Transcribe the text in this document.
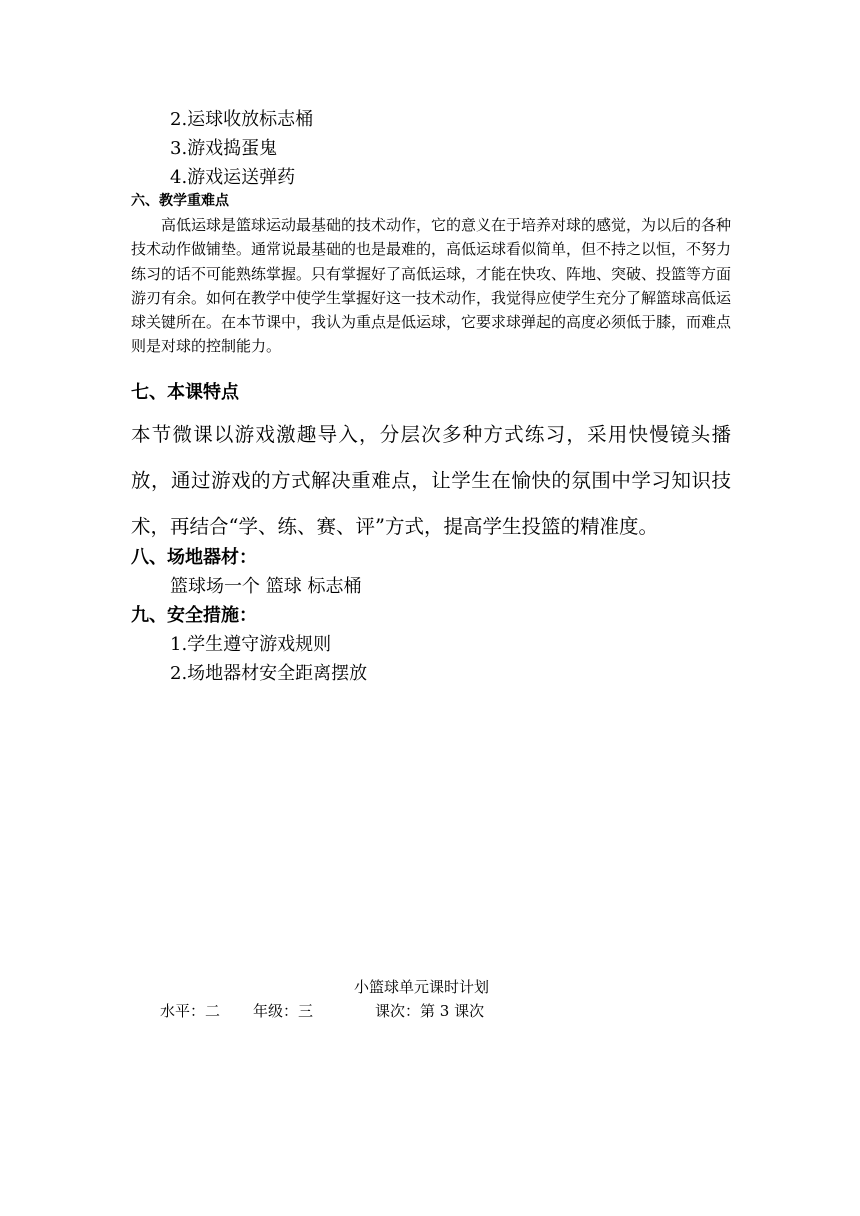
2.运球收放标志桶
3.游戏捣蛋鬼
4.游戏运送弹药
六、教学重难点
高低运球是篮球运动最基础的技术动作，它的意义在于培养对球的感觉，为以后的各种技术动作做铺垫。通常说最基础的也是最难的，高低运球看似简单，但不持之以恒，不努力练习的话不可能熟练掌握。只有掌握好了高低运球，才能在快攻、阵地、突破、投篮等方面游刃有余。如何在教学中使学生掌握好这一技术动作，我觉得应使学生充分了解篮球高低运球关键所在。在本节课中，我认为重点是低运球，它要求球弹起的高度必须低于膝，而难点则是对球的控制能力。
七、本课特点
本节微课以游戏激趣导入，分层次多种方式练习，采用快慢镜头播放，通过游戏的方式解决重难点，让学生在愉快的氛围中学习知识技术，再结合“学、练、赛、评”方式，提高学生投篮的精准度。
八、场地器材：
篮球场一个 篮球 标志桶
九、安全措施：
1.学生遵守游戏规则
2.场地器材安全距离摆放
小篮球单元课时计划
水平：二 年级：三	课次：第 3 课次
